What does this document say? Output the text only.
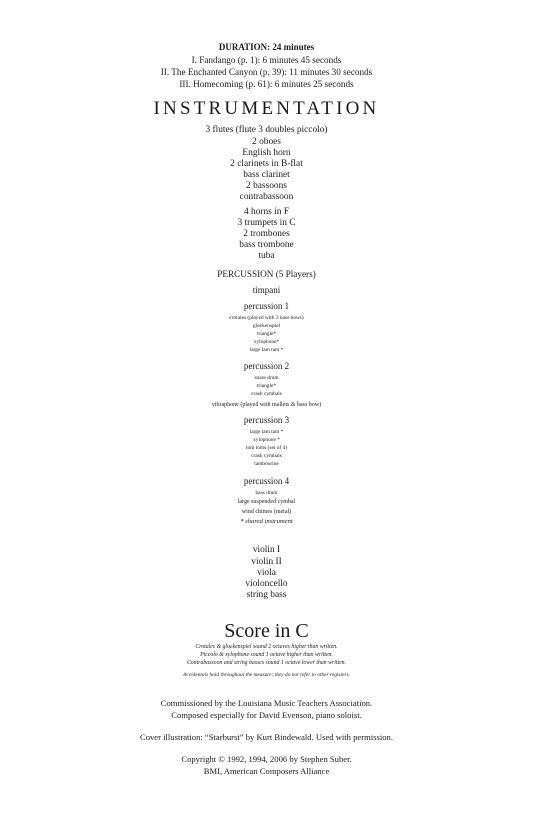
DURATION: 24 minutes
I. Fandango (p. 1): 6 minutes 45 seconds
II. The Enchanted Canyon (p. 39): 11 minutes 30 seconds
III. Homecoming (p. 61): 6 minutes 25 seconds
INSTRUMENTATION
3 flutes (flute 3 doubles piccolo)
2 oboes
English horn
2 clarinets in B-flat
bass clarinet
2 bassoons
contrabassoon
4 horns in F
3 trumpets in C
2 trombones
bass trombone
tuba
PERCUSSION (5 Players)
timpani
percussion 1
crotales (played with 2 bass bows)
glockenspiel
triangle*
xylophone*
large tam tam *
percussion 2
snare drum
triangle*
crash cymbals
vibraphone (played with mallets & bass bow)
percussion 3
large tam tam *
xylophone *
tom toms (set of 4)
crash cymbals
tambourine
percussion 4
bass drum
large suspended cymbal
wind chimes (metal)
* shared instrument
violin I
violin II
viola
violoncello
string bass
Score in C
Crotales & glockenspiel sound 2 octaves higher than written.
Piccolo & xylophone sound 1 octave higher than written.
Contrabassoon and string basses sound 1 octave lower than written.
Accidentals hold throughout the measure; they do not refer to other registers.
Commissioned by the Louisiana Music Teachers Association.
Composed especially for David Evenson, piano soloist.
Cover illustration: “Starburst” by Kurt Bindewald. Used with permission.
Copyright © 1992, 1994, 2006 by Stephen Suber.
BMI, American Composers Alliance
